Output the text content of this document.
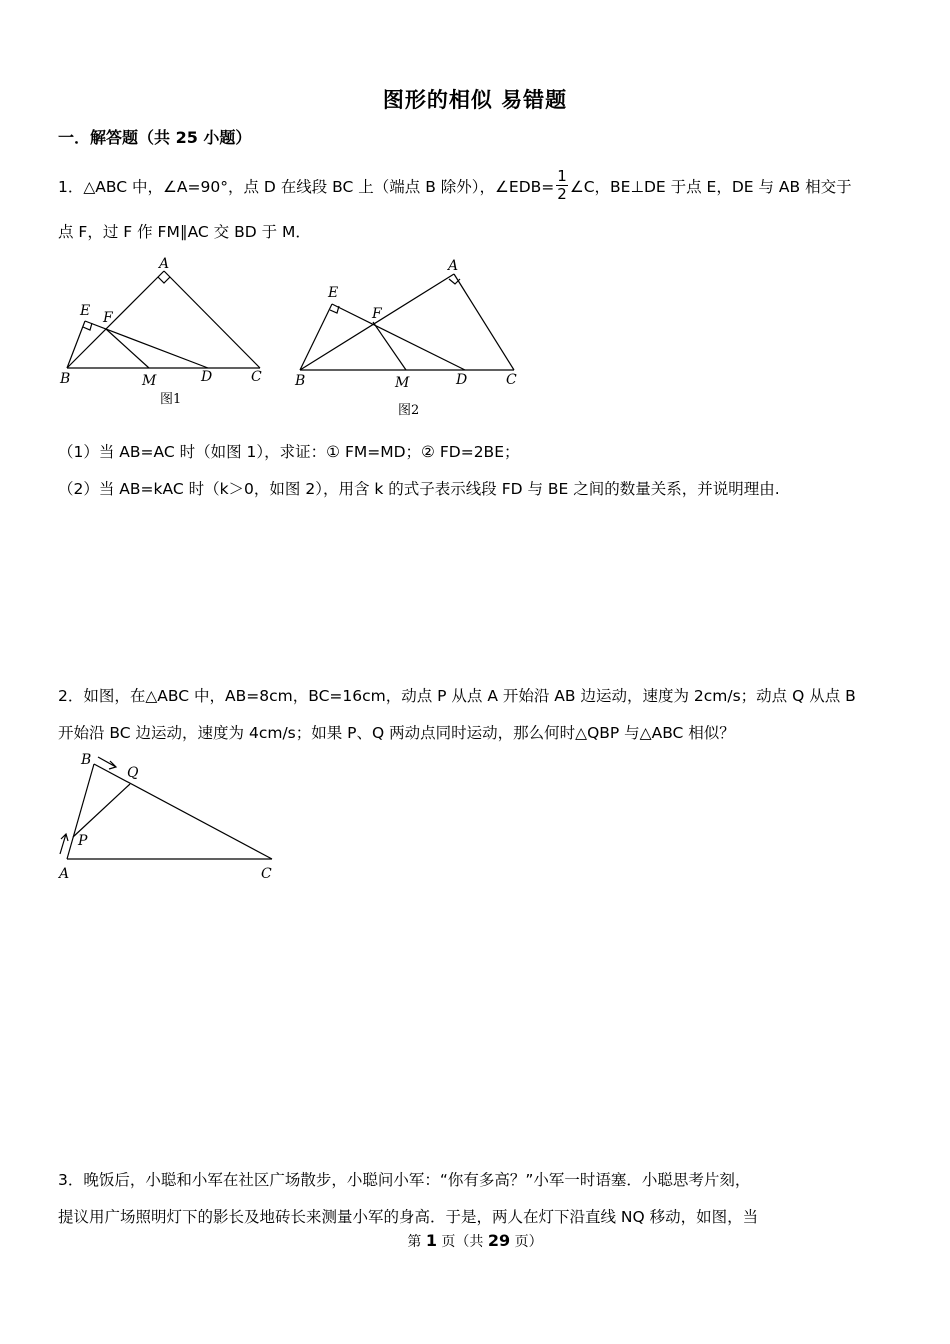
图形的相似 易错题
一．解答题（共 25 小题）
1．△ABC 中，∠A=90°，点 D 在线段 BC 上（端点 B 除外），∠EDB= $\frac{1}{2}$ ∠C，BE⊥DE 于点 E，DE 与 AB 相交于
点 F，过 F 作 FM∥AC 交 BD 于 M．
A
E F
B	M	D	C
图1
A
E
F
B	M	D	C
图2
（1）当 AB=AC 时（如图 1），求证：① FM=MD；② FD=2BE；
（2）当 AB=kAC 时（k＞0，如图 2），用含 k 的式子表示线段 FD 与 BE 之间的数量关系，并说明理由.
2．如图，在△ABC 中，AB=8cm，BC=16cm，动点 P 从点 A 开始沿 AB 边运动，速度为 2cm/s；动点 Q 从点 B
开始沿 BC 边运动，速度为 4cm/s；如果 P、Q 两动点同时运动，那么何时△QBP 与△ABC 相似？
B
Q
P
A	C
3．晚饭后，小聪和小军在社区广场散步，小聪问小军：“你有多高？”小军一时语塞．小聪思考片刻，
提议用广场照明灯下的影长及地砖长来测量小军的身高．于是，两人在灯下沿直线 NQ 移动，如图，当
第 1 页（共 29 页）
